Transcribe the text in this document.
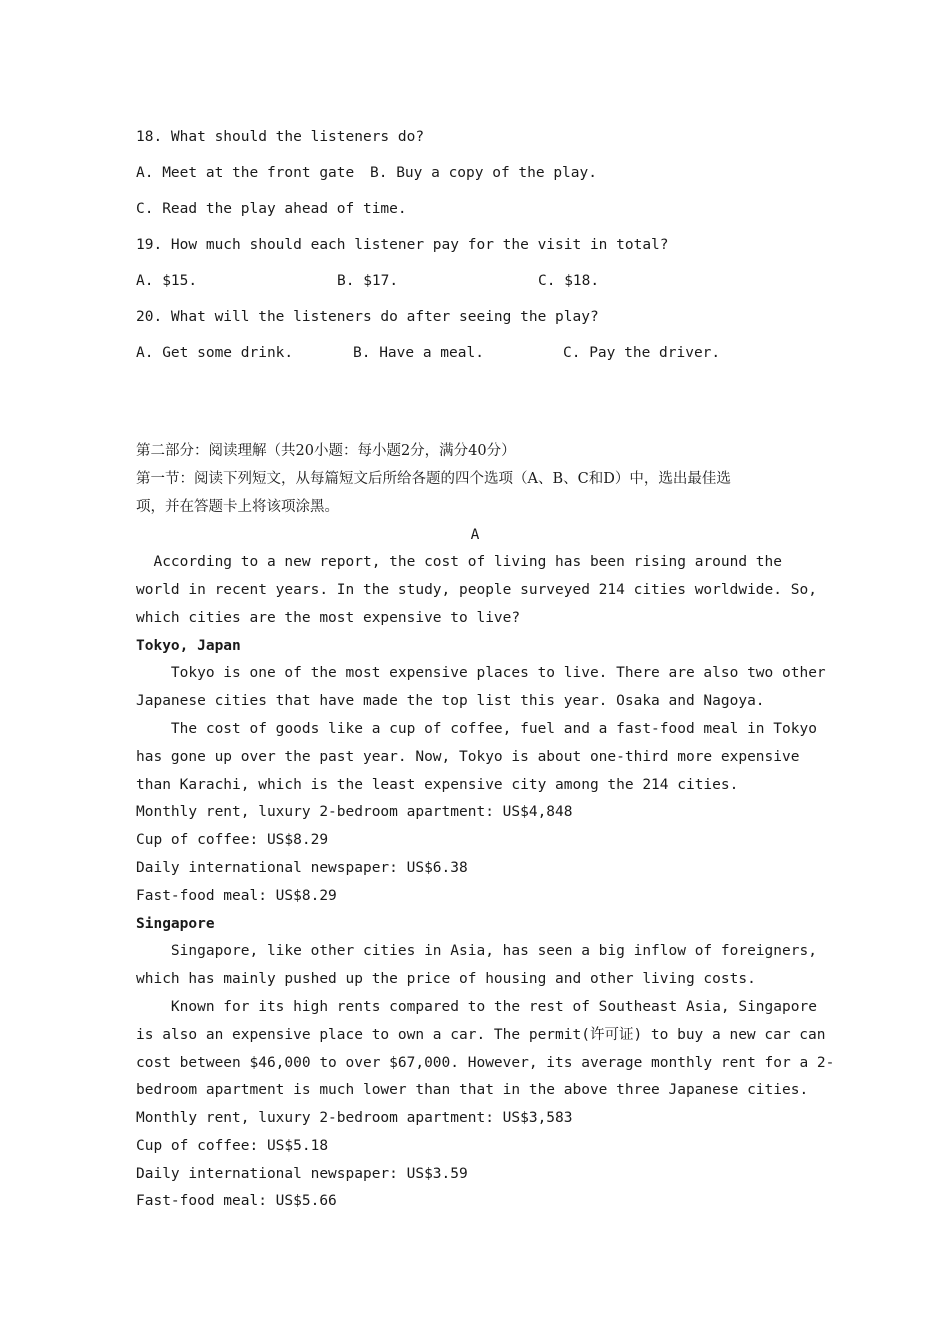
18. What should the listeners do?
A. Meet at the front gate B. Buy a copy of the play.
C. Read the play ahead of time.
19. How much should each listener pay for the visit in total?
A. $15.	B. $17.	C. $18.
20. What will the listeners do after seeing the play?
A. Get some drink.	B. Have a meal.	C. Pay the driver.
第二部分：阅读理解（共20小题：每小题2分，满分40分）
第一节：阅读下列短文，从每篇短文后所给各题的四个选项（A、B、C和D）中，选出最佳选
项，并在答题卡上将该项涂黑。
A
According to a new report, the cost of living has been rising around the
world in recent years. In the study, people surveyed 214 cities worldwide. So,
which cities are the most expensive to live?
Tokyo, Japan
Tokyo is one of the most expensive places to live. There are also two other
Japanese cities that have made the top list this year. Osaka and Nagoya.
The cost of goods like a cup of coffee, fuel and a fast-food meal in Tokyo
has gone up over the past year. Now, Tokyo is about one-third more expensive
than Karachi, which is the least expensive city among the 214 cities.
Monthly rent, luxury 2-bedroom apartment: US$4,848
Cup of coffee: US$8.29
Daily international newspaper: US$6.38
Fast-food meal: US$8.29
Singapore
Singapore, like other cities in Asia, has seen a big inflow of foreigners,
which has mainly pushed up the price of housing and other living costs.
Known for its high rents compared to the rest of Southeast Asia, Singapore
is also an expensive place to own a car. The permit(许可证) to buy a new car can
cost between $46,000 to over $67,000. However, its average monthly rent for a 2-
bedroom apartment is much lower than that in the above three Japanese cities.
Monthly rent, luxury 2-bedroom apartment: US$3,583
Cup of coffee: US$5.18
Daily international newspaper: US$3.59
Fast-food meal: US$5.66
